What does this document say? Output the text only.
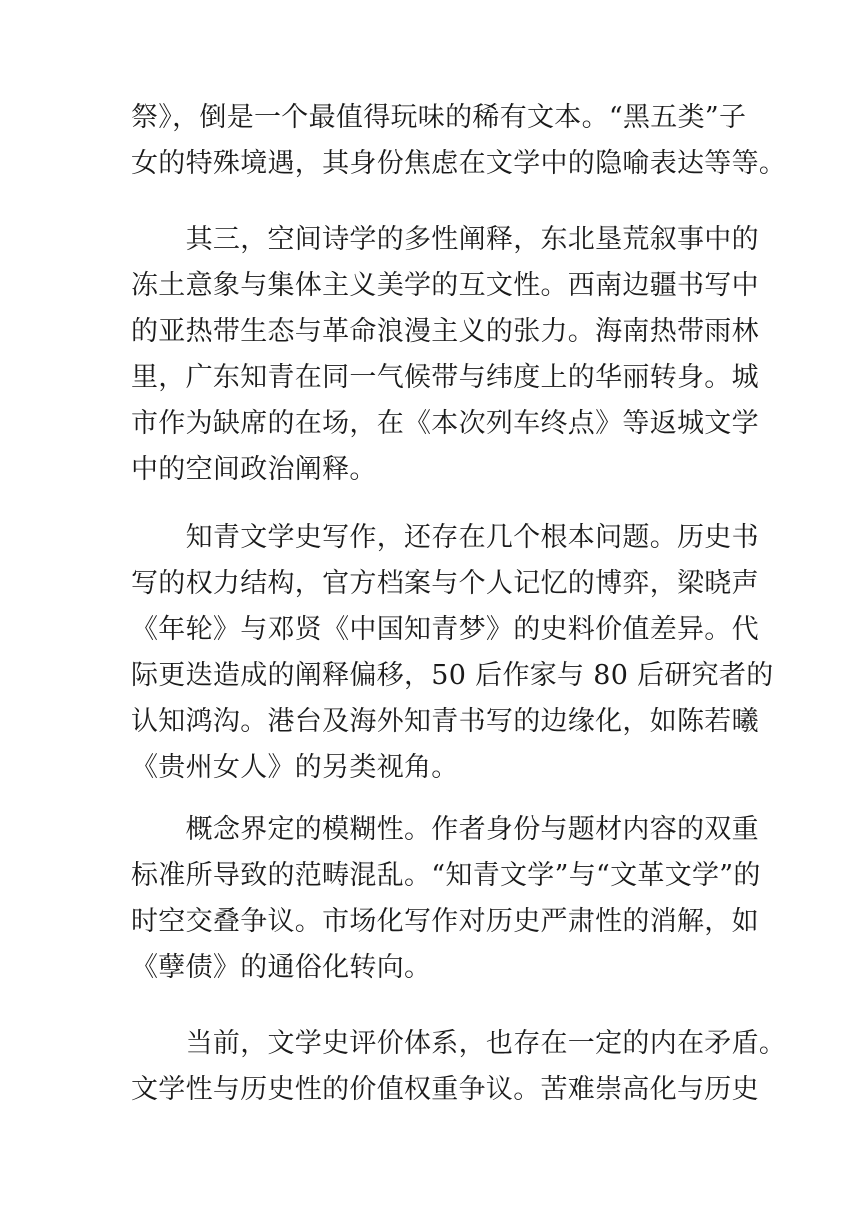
祭》，倒是一个最值得玩味的稀有文本。“黑五类”子
女的特殊境遇，其身份焦虑在文学中的隐喻表达等等。
　　其三，空间诗学的多性阐释，东北垦荒叙事中的
冻土意象与集体主义美学的互文性。西南边疆书写中
的亚热带生态与革命浪漫主义的张力。海南热带雨林
里，广东知青在同一气候带与纬度上的华丽转身。城
市作为缺席的在场，在《本次列车终点》等返城文学
中的空间政治阐释。
　　知青文学史写作，还存在几个根本问题。历史书
写的权力结构，官方档案与个人记忆的博弈，梁晓声
《年轮》与邓贤《中国知青梦》的史料价值差异。代
际更迭造成的阐释偏移，50 后作家与 80 后研究者的
认知鸿沟。港台及海外知青书写的边缘化，如陈若曦
《贵州女人》的另类视角。
　　概念界定的模糊性。作者身份与题材内容的双重
标准所导致的范畴混乱。“知青文学”与“文革文学”的
时空交叠争议。市场化写作对历史严肃性的消解，如
《孽债》的通俗化转向。
　　当前，文学史评价体系，也存在一定的内在矛盾。
文学性与历史性的价值权重争议。苦难崇高化与历史
